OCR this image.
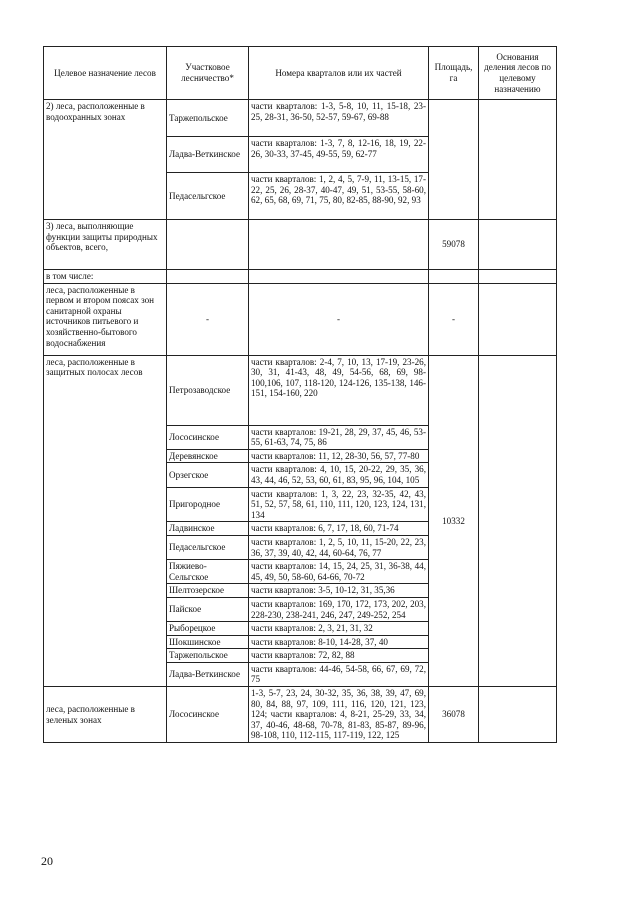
Целевое назначение лесов	Участковое лесничество*	Номера кварталов или их частей	Площадь, га	Основания деления лесов по целевому назначению
2) леса, расположенные в водоохранных зонах	Таржепольское	части кварталов: 1-3, 5-8, 10, 11, 15-18, 23-25, 28-31, 36-50, 52-57, 59-67, 69-88		
	Ладва-Веткинское	части кварталов: 1-3, 7, 8, 12-16, 18, 19, 22-26, 30-33, 37-45, 49-55, 59, 62-77		
	Педасельгское	части кварталов: 1, 2, 4, 5, 7-9, 11, 13-15, 17-22, 25, 26, 28-37, 40-47, 49, 51, 53-55, 58-60, 62, 65, 68, 69, 71, 75, 80, 82-85, 88-90, 92, 93		
3) леса, выполняющие функции защиты природных объектов, всего,			59078	
в том числе:				
леса, расположенные в первом и втором поясах зон санитарной охраны источников питьевого и хозяйственно-бытового водоснабжения	-	-	-	
леса, расположенные в защитных полосах лесов	Петрозаводское	части кварталов: 2-4, 7, 10, 13, 17-19, 23-26, 30, 31, 41-43, 48, 49, 54-56, 68, 69, 98-100,106, 107, 118-120, 124-126, 135-138, 146-151, 154-160, 220	10332	
	Лососинское	части кварталов: 19-21, 28, 29, 37, 45, 46, 53-55, 61-63, 74, 75, 86		
	Деревянское	части кварталов: 11, 12, 28-30, 56, 57, 77-80		
	Орзегское	части кварталов: 4, 10, 15, 20-22, 29, 35, 36, 43, 44, 46, 52, 53, 60, 61, 83, 95, 96, 104, 105		
	Пригородное	части кварталов: 1, 3, 22, 23, 32-35, 42, 43, 51, 52, 57, 58, 61, 110, 111, 120, 123, 124, 131, 134		
	Ладвинское	части кварталов: 6, 7, 17, 18, 60, 71-74		
	Педасельгское	части кварталов: 1, 2, 5, 10, 11, 15-20, 22, 23, 36, 37, 39, 40, 42, 44, 60-64, 76, 77		
	Пяжиево-Сельгское	части кварталов: 14, 15, 24, 25, 31, 36-38, 44, 45, 49, 50, 58-60, 64-66, 70-72		
	Шелтозерское	части кварталов: 3-5, 10-12, 31, 35,36		
	Пайское	части кварталов: 169, 170, 172, 173, 202, 203, 228-230, 238-241, 246, 247, 249-252, 254		
	Рыборецкое	части кварталов: 2, 3, 21, 31, 32		
	Шокшинское	части кварталов: 8-10, 14-28, 37, 40		
	Таржепольское	части кварталов: 72, 82, 88		
	Ладва-Веткинское	части кварталов: 44-46, 54-58, 66, 67, 69, 72, 75		
леса, расположенные в зеленых зонах	Лососинское	1-3, 5-7, 23, 24, 30-32, 35, 36, 38, 39, 47, 69, 80, 84, 88, 97, 109, 111, 116, 120, 121, 123, 124; части кварталов: 4, 8-21, 25-29, 33, 34, 37, 40-46, 48-68, 70-78, 81-83, 85-87, 89-96, 98-108, 110, 112-115, 117-119, 122, 125	36078	
20
